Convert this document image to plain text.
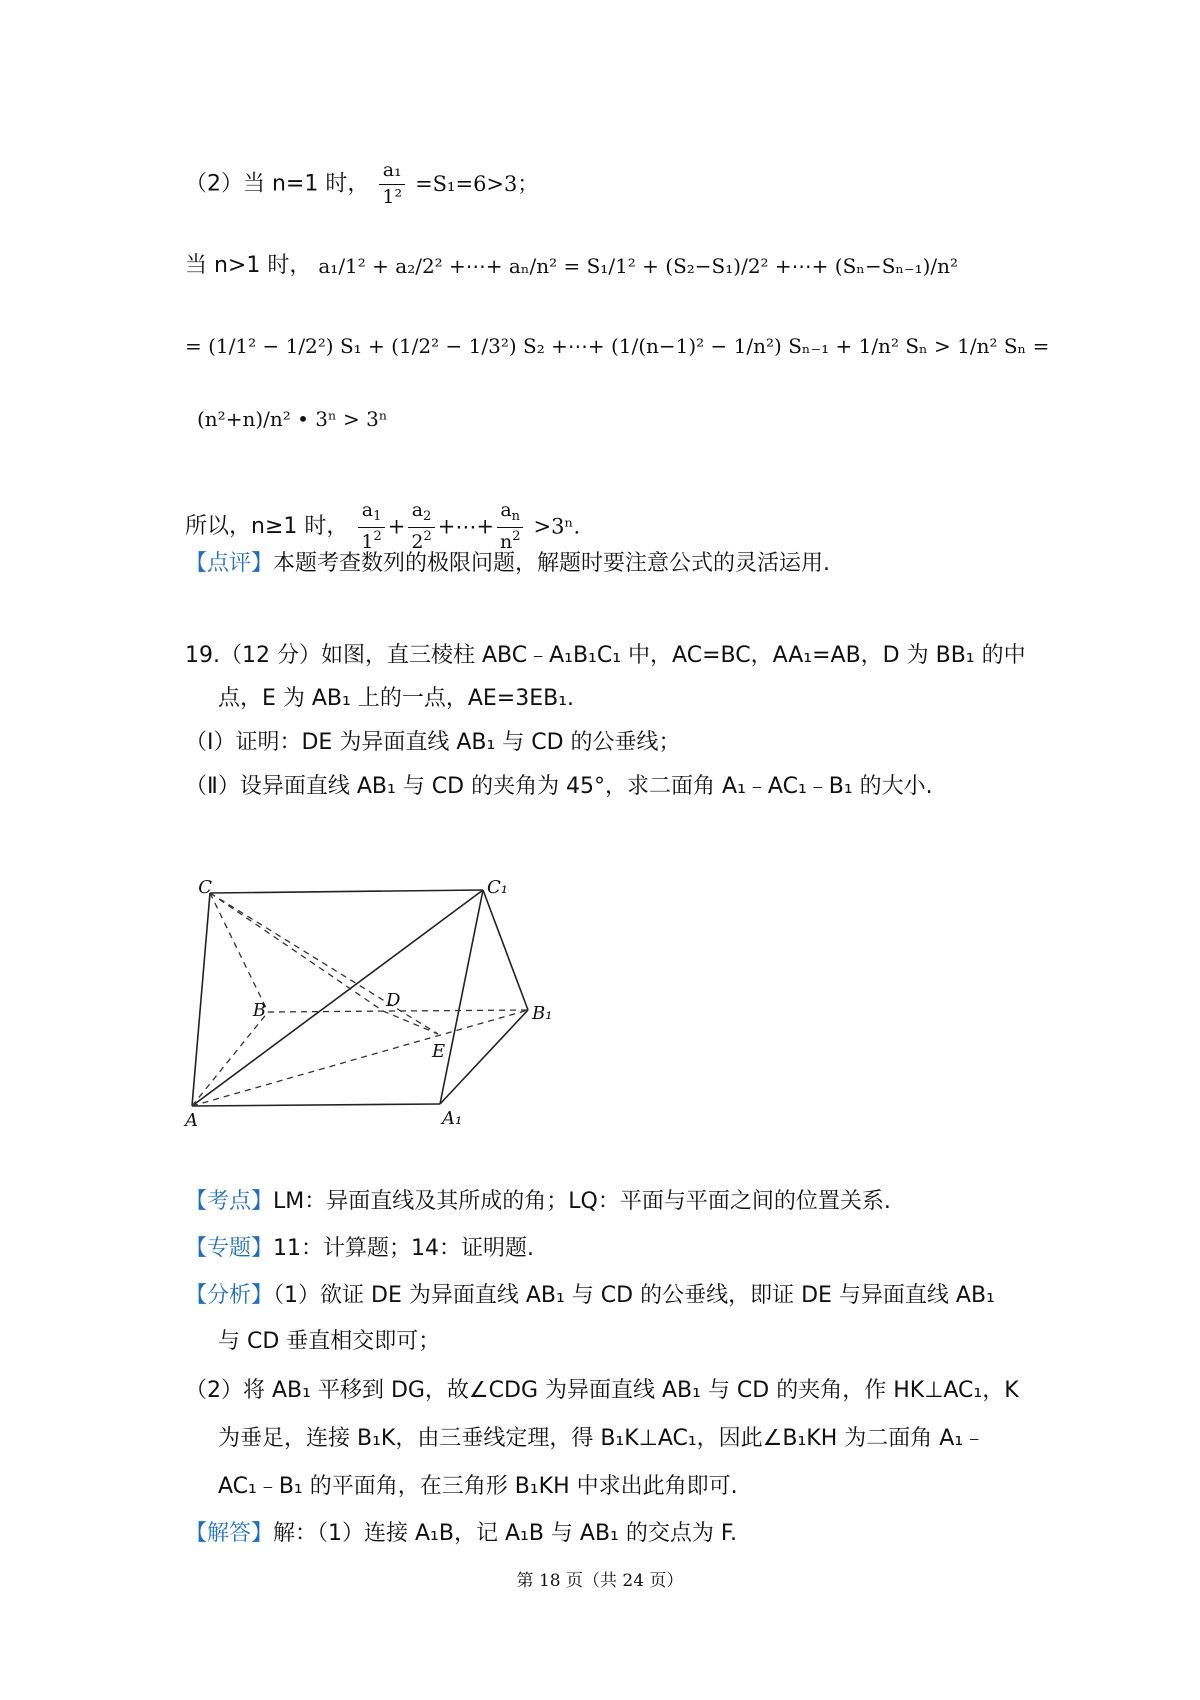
（2）当 n=1 时， $\frac{\text{a₁}}{\text{1²}} =S_1=6>3$；
当 n>1 时， a₁/1² + a₂/2² +⋯+ aₙ/n² = S₁/1² + (S₂−S₁)/2² +⋯+ (Sₙ−Sₙ₋₁)/n²
= (1/1² − 1/2²) S₁ + (1/2² − 1/3²) S₂ +⋯+ (1/(n−1)² − 1/n²) Sₙ₋₁ + 1/n² Sₙ > 1/n² Sₙ =
(n²+n)/n² • 3ⁿ > 3ⁿ
所以，n≥1 时， $\frac{a_1}{1^2} + \frac{a_2}{2^2}$ +⋯+ $\frac{a_n}{n^2} >3^n$.
【点评】本题考查数列的极限问题，解题时要注意公式的灵活运用.
19.（12 分）如图，直三棱柱 ABC﹣A₁B₁C₁ 中，AC=BC，AA₁=AB，D 为 BB₁ 的中
点，E 为 AB₁ 上的一点，AE=3EB₁.
（Ⅰ）证明：DE 为异面直线 AB₁ 与 CD 的公垂线；
（Ⅱ）设异面直线 AB₁ 与 CD 的夹角为 45°，求二面角 A₁﹣AC₁﹣B₁ 的大小.
C	C₁
B	D
B₁
E
A	A₁
【考点】LM：异面直线及其所成的角；LQ：平面与平面之间的位置关系.
【专题】11：计算题；14：证明题.
【分析】（1）欲证 DE 为异面直线 AB₁ 与 CD 的公垂线，即证 DE 与异面直线 AB₁
与 CD 垂直相交即可；
（2）将 AB₁ 平移到 DG，故∠CDG 为异面直线 AB₁ 与 CD 的夹角，作 HK⊥AC₁，K
为垂足，连接 B₁K，由三垂线定理，得 B₁K⊥AC₁，因此∠B₁KH 为二面角 A₁﹣
AC₁﹣B₁ 的平面角，在三角形 B₁KH 中求出此角即可.
【解答】解：（1）连接 A₁B，记 A₁B 与 AB₁ 的交点为 F.
第 18 页（共 24 页）
